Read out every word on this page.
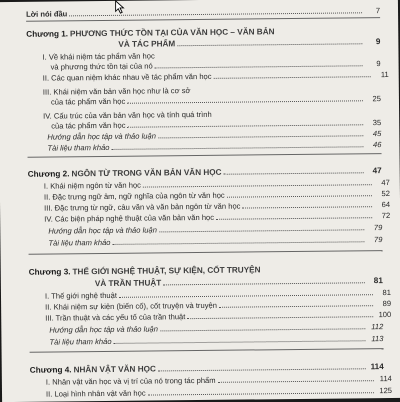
Lời nói đầu	7
Chương 1. PHƯƠNG THỨC TỒN TẠI CỦA VĂN HỌC – VĂN BẢN
VÀ TÁC PHẨM	9
I. Về khái niệm tác phẩm văn học
và phương thức tồn tại của nó	9
II. Các quan niệm khác nhau về tác phẩm văn học	11
III. Khái niệm văn bản văn học như là cơ sở
của tác phẩm văn học	25
IV. Cấu trúc của văn bản văn học và tính quá trình
của tác phẩm văn học	35
Hướng dẫn học tập và thảo luận	45
Tài liệu tham khảo	46
Chương 2. NGÔN TỪ TRONG VĂN BẢN VĂN HỌC	47
I. Khái niệm ngôn từ văn học	47
II. Đặc trưng ngữ âm, ngữ nghĩa của ngôn từ văn học	52
III. Đặc trưng từ ngữ, câu văn và văn bản ngôn từ văn học	64
IV. Các biện pháp nghệ thuật của văn bản văn học	72
Hướng dẫn học tập và thảo luận	79
Tài liệu tham khảo	79
Chương 3. THẾ GIỚI NGHỆ THUẬT, SỰ KIỆN, CỐT TRUYỆN
VÀ TRẦN THUẬT	81
I. Thế giới nghệ thuật	81
II. Khái niệm sự kiện (biến cố), cốt truyện và truyện	89
III. Trần thuật và các yếu tố của trần thuật	100
Hướng dẫn học tập và thảo luận	112
Tài liệu tham khảo	113
Chương 4. NHÂN VẬT VĂN HỌC	114
I. Nhân vật văn học và vị trí của nó trong tác phẩm	114
II. Loại hình nhân vật văn học	125
